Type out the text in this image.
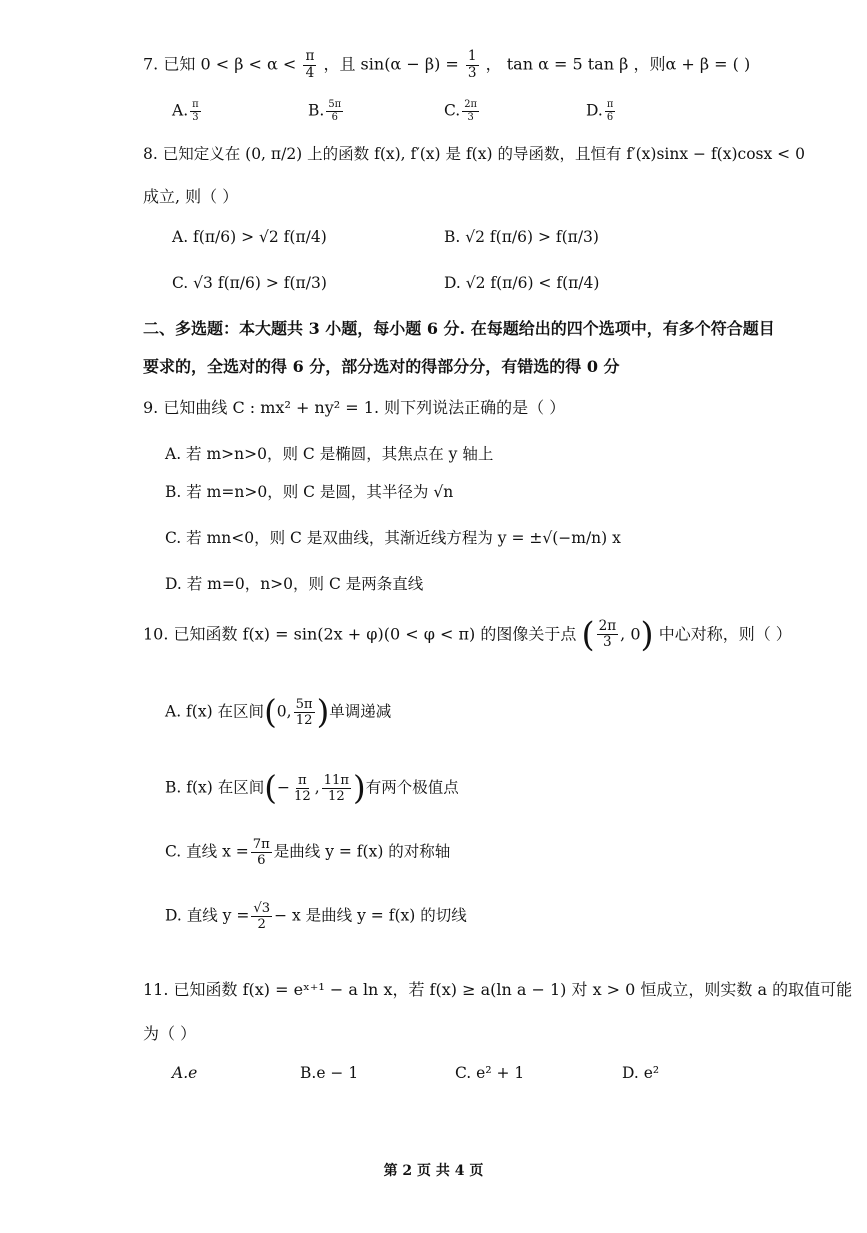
7. 已知 $0 < \beta < \alpha < \frac{\pi}{4}$ ，且 $\sin(\alpha - \beta) = \frac{1}{3}$ ， tan α = 5 tan β ，则α + β = ( )
A. $\frac{\pi}{3}$	B. $\frac{5\pi}{6}$	C. $\frac{2\pi}{3}$	D. $\frac{\pi}{6}$
8. 已知定义在 (0, π/2) 上的函数 f(x), f′(x) 是 f(x) 的导函数，且恒有 f′(x)sinx − f(x)cosx < 0
成立, 则（ ）
A. f(π/6) > √2 f(π/4)	B. √2 f(π/6) > f(π/3)
C. √3 f(π/6) > f(π/3)	D. √2 f(π/6) < f(π/4)
二、多选题：本大题共 3 小题，每小题 6 分. 在每题给出的四个选项中，有多个符合题目
要求的，全选对的得 6 分，部分选对的得部分分，有错选的得 0 分
9. 已知曲线 C : mx² + ny² = 1. 则下列说法正确的是（ ）
A. 若 m>n>0，则 C 是椭圆，其焦点在 y 轴上
B. 若 m=n>0，则 C 是圆，其半径为 √n
C. 若 mn<0，则 C 是双曲线，其渐近线方程为 y = ±√(−m/n) x
D. 若 m=0，n>0，则 C 是两条直线
10. 已知函数 f(x) = sin(2x + φ)(0 < φ < π) 的图像关于点 ( $\frac{2\pi}{3}$ , 0) 中心对称，则（ ）
A. f(x) 在区间(0, $\frac{5\pi}{12}$ )单调递减
B. f(x) 在区间(− $\frac{\pi}{12}$ , $\frac{11\pi}{12}$ )有两个极值点
C. 直线 $x = \frac{7\pi}{6}$ 是曲线 y = f(x) 的对称轴
D. 直线 $y = \frac{√3}{2} - x$ 是曲线 y = f(x) 的切线
11. 已知函数 f(x) = eˣ⁺¹ − a ln x，若 f(x) ≥ a(ln a − 1) 对 x > 0 恒成立，则实数 a 的取值可能
为（ ）
A.e	B.e − 1	C. e² + 1	D. e²
第 2 页 共 4 页
